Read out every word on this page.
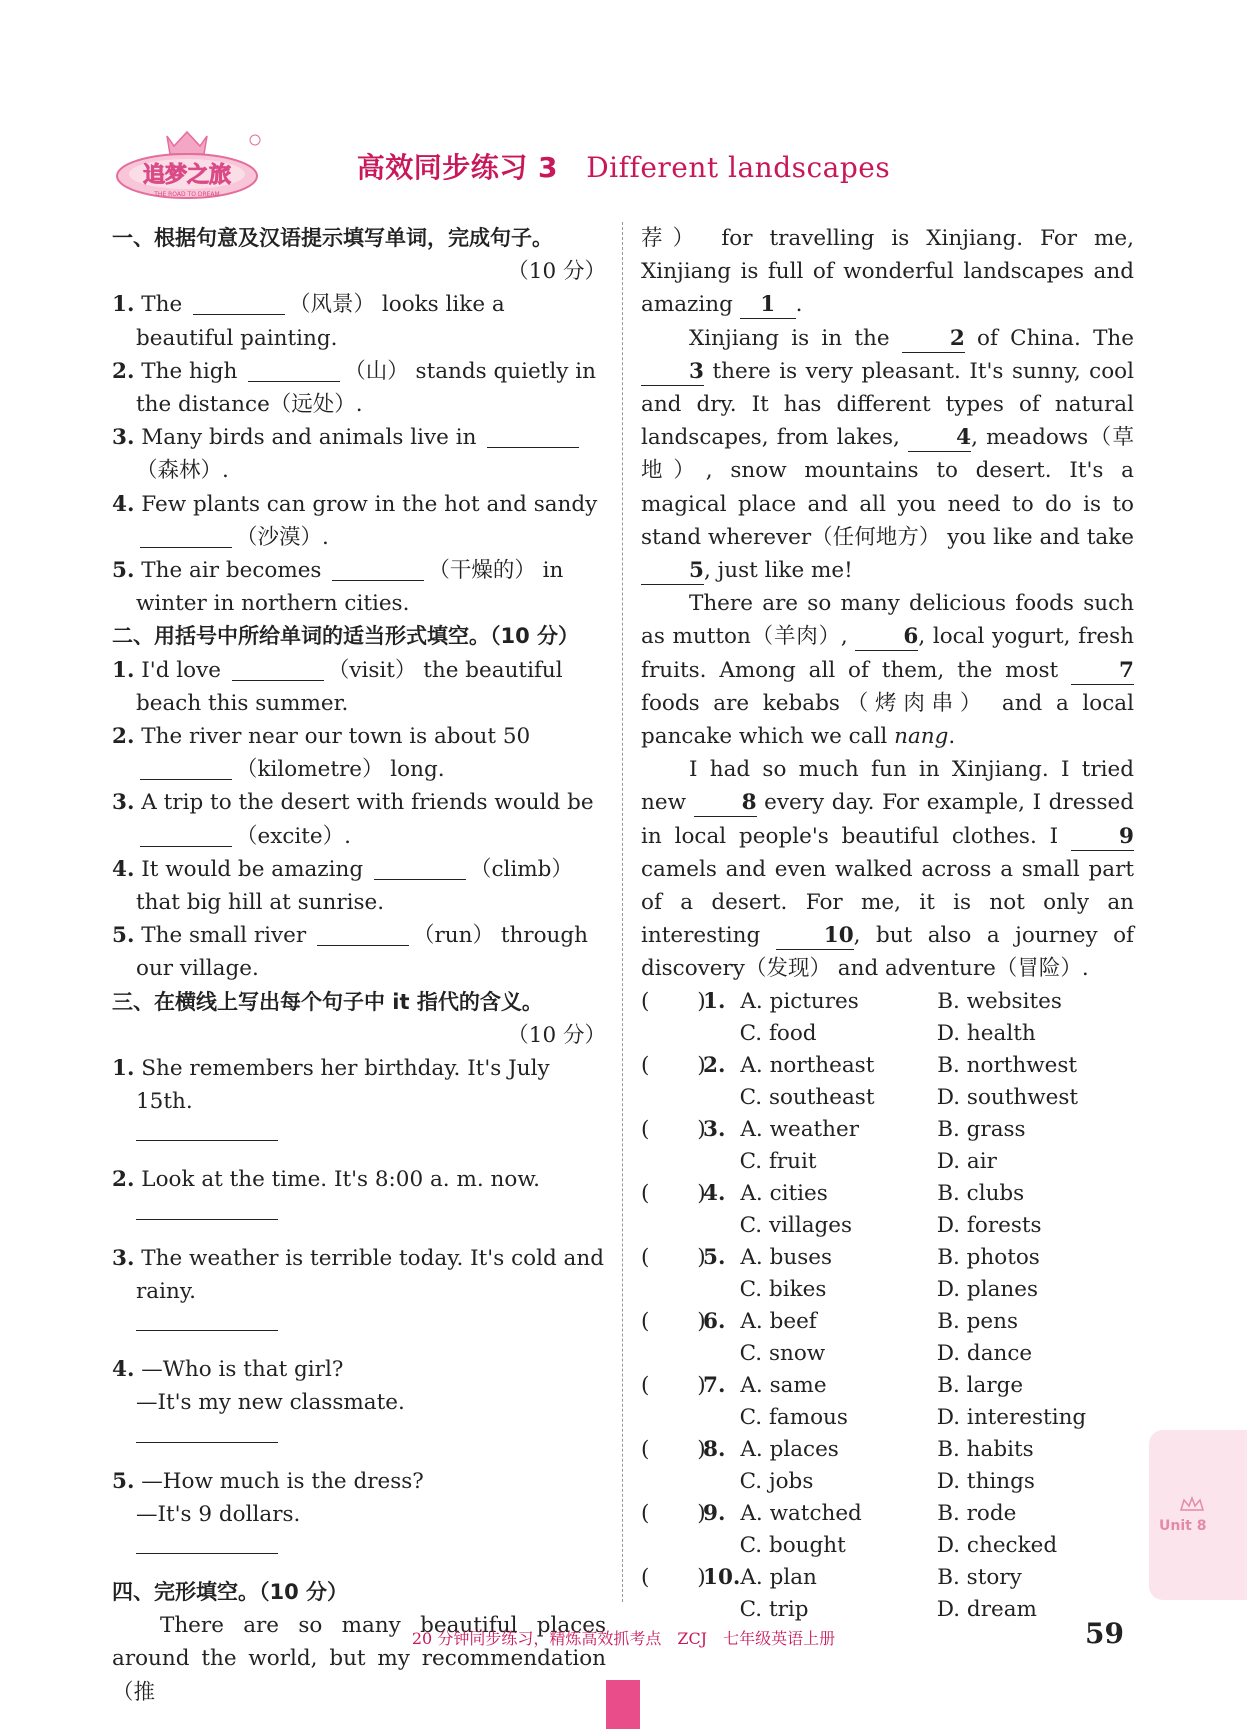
追梦之旅
THE ROAD TO DREAM
高效同步练习 3 Different landscapes
一、根据句意及汉语提示填写单词，完成句子。
（10 分）
1. The	（风景） looks like a beautiful painting.
2. The high	（山） stands quietly in the distance（远处）.
3. Many birds and animals live in （森林）.
4. Few plants can grow in the hot and sandy （沙漠）.
5. The air becomes	（干燥的） in winter in northern cities.
二、用括号中所给单词的适当形式填空。（10 分）
1. I'd love	（visit） the beautiful beach this summer.
2. The river near our town is about 50 （kilometre） long.
3. A trip to the desert with friends would be （excite）.
4. It would be amazing	（climb） that big hill at sunrise.
5. The small river	（run） through our village.
三、在横线上写出每个句子中 it 指代的含义。
（10 分）
1. She remembers her birthday. It's July 15th.
2. Look at the time. It's 8:00 a. m. now.
3. The weather is terrible today. It's cold and rainy.
4. —Who is that girl?
—It's my new classmate.
5. —How much is the dress?
—It's 9 dollars.
四、完形填空。（10 分）
There are so many beautiful places around the world, but my recommendation（推
荐） for travelling is Xinjiang. For me, Xinjiang is full of wonderful landscapes and amazing 1 .
Xinjiang is in the 2 of China. The 3 there is very pleasant. It's sunny, cool and dry. It has different types of natural landscapes, from lakes, 4, meadows（草地）, snow mountains to desert. It's a magical place and all you need to do is to stand wherever（任何地方） you like and take 5, just like me!
There are so many delicious foods such as mutton（羊肉）, 6, local yogurt, fresh fruits. Among all of them, the most 7 foods are kebabs（烤肉串） and a local pancake which we call nang.
I had so much fun in Xinjiang. I tried new 8 every day. For example, I dressed in local people's beautiful clothes. I 9 camels and even walked across a small part of a desert. For me, it is not only an interesting 10, but also a journey of discovery（发现） and adventure（冒险）.
(       )
1. A. pictures	B. websites
C. food	D. health
(       )
2. A. northeast	B. northwest
C. southeast	D. southwest
(       )
3. A. weather	B. grass
C. fruit	D. air
(       )
4. A. cities	B. clubs
C. villages	D. forests
(       )
5. A. buses	B. photos
C. bikes	D. planes
(       )
6. A. beef	B. pens
C. snow	D. dance
(       )
7. A. same	B. large
C. famous	D. interesting
(       )
8. A. places	B. habits
C. jobs	D. things
(       )
9. A. watched	B. rode
C. bought	D. checked
(       )
10. A. plan	B. story
C. trip	D. dream
Unit 8
20 分钟同步练习，精炼高效抓考点　ZCJ　七年级英语上册	59
